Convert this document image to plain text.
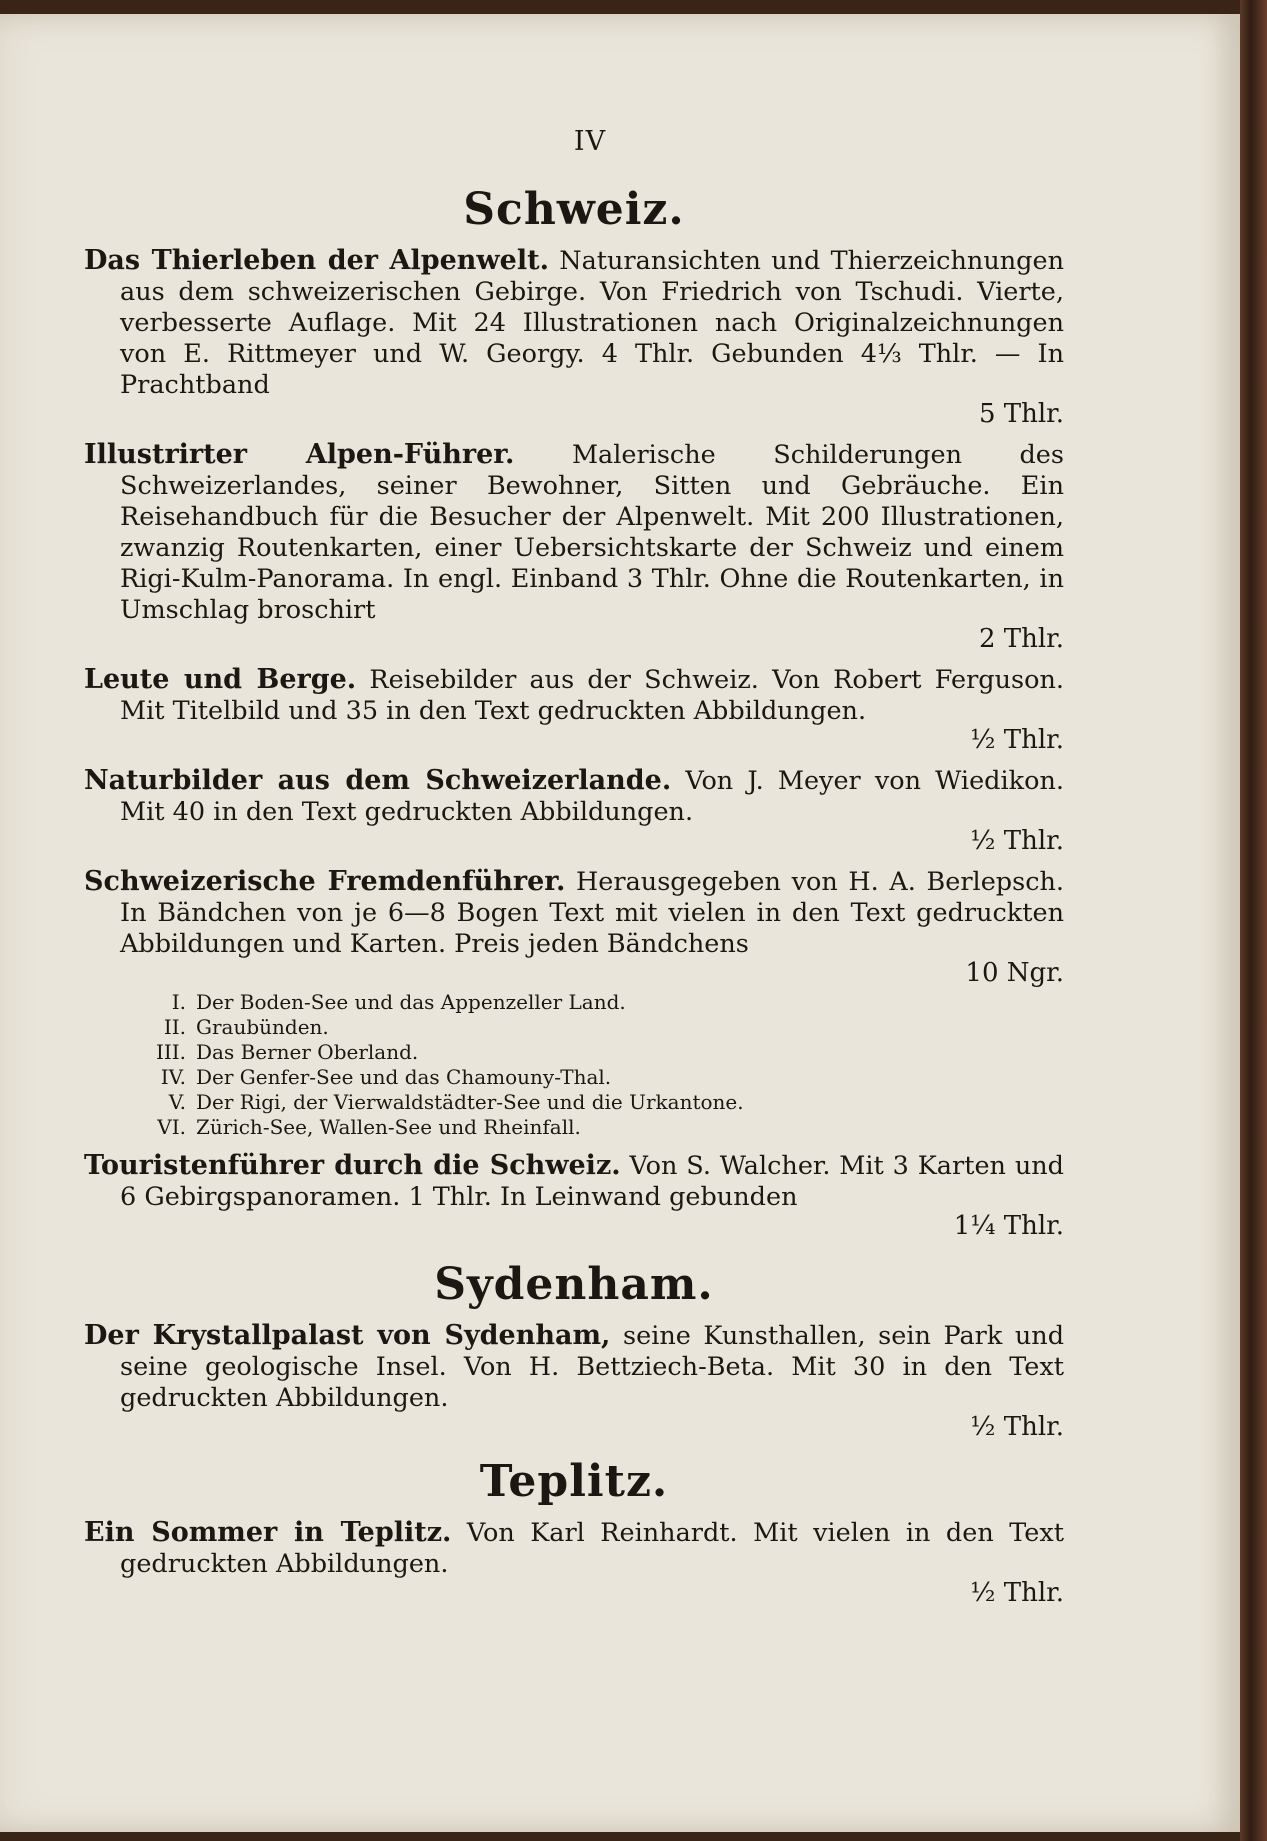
IV
Schweiz.

Das Thierleben der Alpenwelt. Naturansichten und Thierzeichnungen aus dem schweizerischen Gebirge. Von Friedrich von Tschudi. Vierte, verbesserte Auflage. Mit 24 Illustrationen nach Originalzeichnungen von E. Rittmeyer und W. Georgy. 4 Thlr. Gebunden 4⅓ Thlr. — In Prachtband

5 Thlr.

Illustrirter Alpen-Führer. Malerische Schilderungen des Schweizerlandes, seiner Bewohner, Sitten und Gebräuche. Ein Reisehandbuch für die Besucher der Alpenwelt. Mit 200 Illustrationen, zwanzig Routenkarten, einer Uebersichtskarte der Schweiz und einem Rigi-Kulm-Panorama. In engl. Einband 3 Thlr. Ohne die Routenkarten, in Umschlag broschirt

2 Thlr.

Leute und Berge. Reisebilder aus der Schweiz. Von Robert Ferguson. Mit Titelbild und 35 in den Text gedruckten Abbildungen.

½ Thlr.

Naturbilder aus dem Schweizerlande. Von J. Meyer von Wiedikon. Mit 40 in den Text gedruckten Abbildungen.

½ Thlr.

Schweizerische Fremdenführer. Herausgegeben von H. A. Berlepsch. In Bändchen von je 6—8 Bogen Text mit vielen in den Text gedruckten Abbildungen und Karten. Preis jeden Bändchens

10 Ngr.
I. Der Boden-See und das Appenzeller Land.
II. Graubünden.
III. Das Berner Oberland.
IV. Der Genfer-See und das Chamouny-Thal.
V. Der Rigi, der Vierwaldstädter-See und die Urkantone.
VI. Zürich-See, Wallen-See und Rheinfall.

Touristenführer durch die Schweiz. Von S. Walcher. Mit 3 Karten und 6 Gebirgspanoramen. 1 Thlr. In Leinwand gebunden

1¼ Thlr.
Sydenham.

Der Krystallpalast von Sydenham, seine Kunsthallen, sein Park und seine geologische Insel. Von H. Bettziech-Beta. Mit 30 in den Text gedruckten Abbildungen.

½ Thlr.
Teplitz.

Ein Sommer in Teplitz. Von Karl Reinhardt. Mit vielen in den Text gedruckten Abbildungen.

½ Thlr.
